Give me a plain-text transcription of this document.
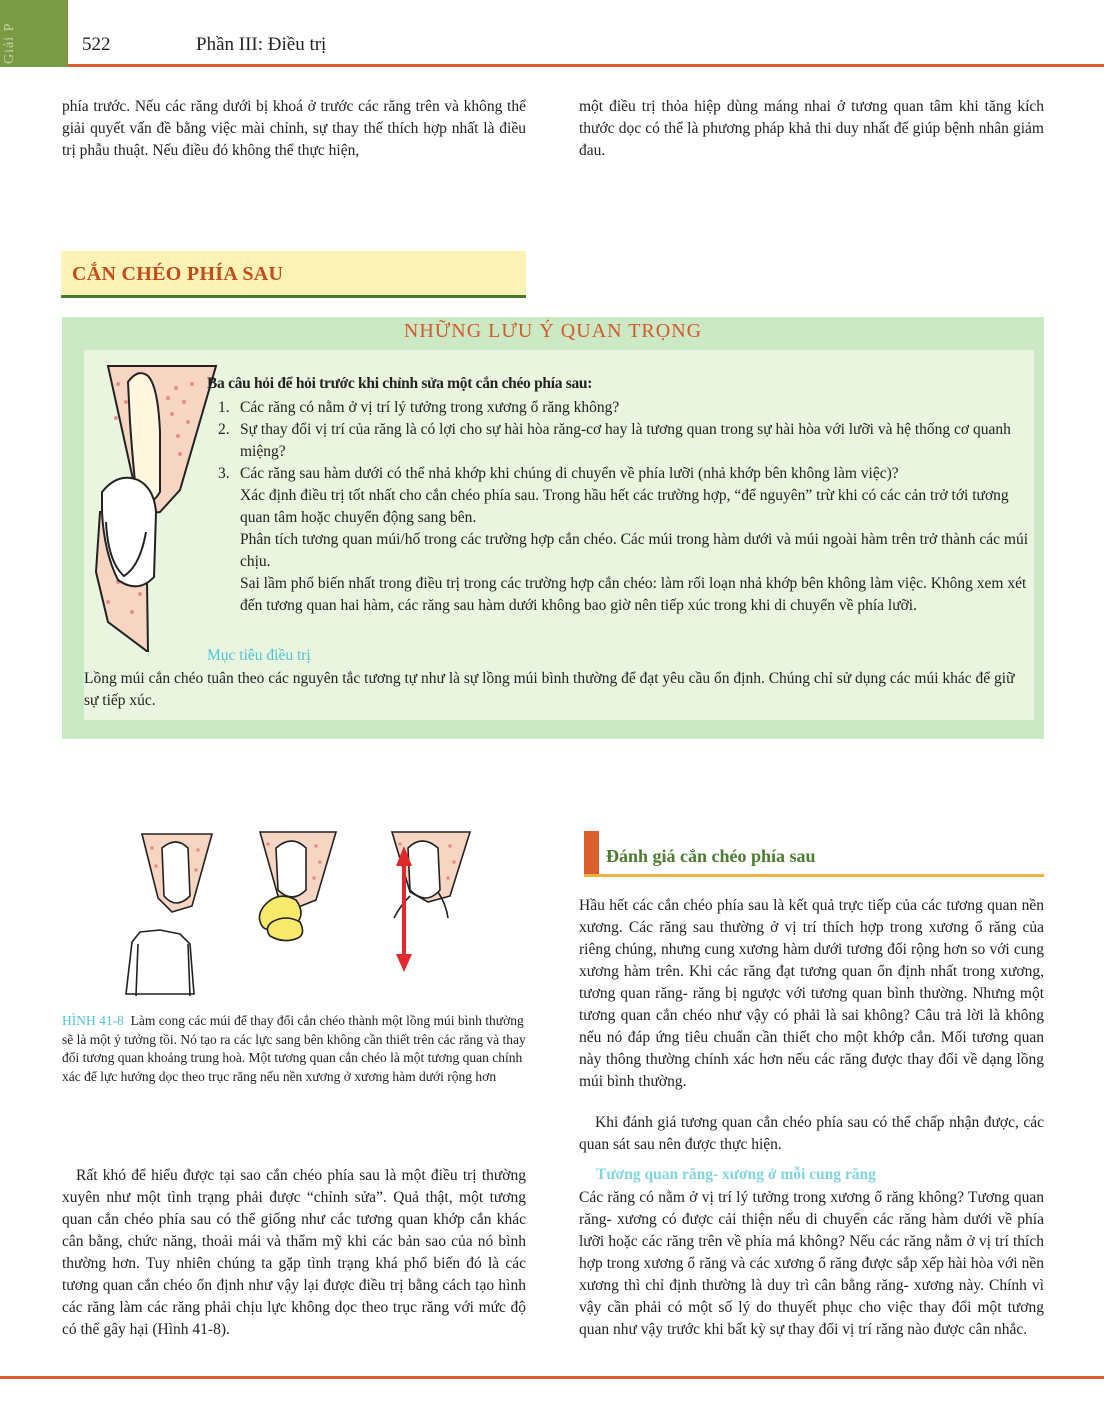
Giải P	522	Phần III: Điều trị

phía trước. Nếu các răng dưới bị khoá ở trước các răng trên và không thể giải quyết vấn đề bằng việc mài chỉnh, sự thay thế thích hợp nhất là điều trị phẫu thuật. Nếu điều đó không thể thực hiện,

một điều trị thỏa hiệp dùng máng nhai ở tương quan tâm khi tăng kích thước dọc có thể là phương pháp khả thi duy nhất để giúp bệnh nhân giảm đau.

CẮN CHÉO PHÍA SAU
NHỮNG LƯU Ý QUAN TRỌNG
Ba câu hỏi để hỏi trước khi chỉnh sửa một cắn chéo phía sau:
1. Các răng có nằm ở vị trí lý tưởng trong xương ổ răng không?
2. Sự thay đổi vị trí của răng là có lợi cho sự hài hòa răng-cơ hay là tương quan trong sự hài hòa với lưỡi và hệ thống cơ quanh miệng?
3. Các răng sau hàm dưới có thể nhả khớp khi chúng di chuyển về phía lưỡi (nhả khớp bên không làm việc)?
Xác định điều trị tốt nhất cho cắn chéo phía sau. Trong hầu hết các trường hợp, “để nguyên” trừ khi có các cản trở tới tương quan tâm hoặc chuyển động sang bên.
Phân tích tương quan múi/hố trong các trường hợp cắn chéo. Các múi trong hàm dưới và múi ngoài hàm trên trở thành các múi chịu.
Sai lầm phổ biến nhất trong điều trị trong các trường hợp cắn chéo: làm rối loạn nhả khớp bên không làm việc. Không xem xét đến tương quan hai hàm, các răng sau hàm dưới không bao giờ nên tiếp xúc trong khi di chuyển về phía lưỡi.
Mục tiêu điều trị
Lồng múi cắn chéo tuân theo các nguyên tắc tương tự như là sự lồng múi bình thường để đạt yêu cầu ổn định. Chúng chỉ sử dụng các múi khác để giữ sự tiếp xúc.
HÌNH 41-8 Làm cong các múi để thay đổi cắn chéo thành một lồng múi bình thường sẽ là một ý tưởng tồi. Nó tạo ra các lực sang bên không cần thiết trên các răng và thay đổi tương quan khoảng trung hoà. Một tương quan cắn chéo là một tương quan chính xác để lực hướng dọc theo trục răng nếu nền xương ở xương hàm dưới rộng hơn

Rất khó để hiểu được tại sao cắn chéo phía sau là một điều trị thường xuyên như một tình trạng phải được “chỉnh sửa”. Quả thật, một tương quan cắn chéo phía sau có thể giống như các tương quan khớp cắn khác cân bằng, chức năng, thoải mái và thẩm mỹ khi các bản sao của nó bình thường hơn. Tuy nhiên chúng ta gặp tình trạng khá phổ biến đó là các tương quan cắn chéo ổn định như vậy lại được điều trị bằng cách tạo hình các răng làm các răng phải chịu lực không dọc theo trục răng với mức độ có thể gây hại (Hình 41-8).

Đánh giá cắn chéo phía sau

Hầu hết các cắn chéo phía sau là kết quả trực tiếp của các tương quan nền xương. Các răng sau thường ở vị trí thích hợp trong xương ổ răng của riêng chúng, nhưng cung xương hàm dưới tương đối rộng hơn so với cung xương hàm trên. Khi các răng đạt tương quan ổn định nhất trong xương, tương quan răng- răng bị ngược với tương quan bình thường. Nhưng một tương quan cắn chéo như vậy có phải là sai không? Câu trả lời là không nếu nó đáp ứng tiêu chuẩn cần thiết cho một khớp cắn. Mối tương quan này thông thường chính xác hơn nếu các răng được thay đổi về dạng lồng múi bình thường.

Khi đánh giá tương quan cắn chéo phía sau có thể chấp nhận được, các quan sát sau nên được thực hiện.

Tương quan răng- xương ở mỗi cung răng

Các răng có nằm ở vị trí lý tưởng trong xương ổ răng không? Tương quan răng- xương có được cải thiện nếu di chuyển các răng hàm dưới về phía lưỡi hoặc các răng trên về phía má không? Nếu các răng nằm ở vị trí thích hợp trong xương ổ răng và các xương ổ răng được sắp xếp hài hòa với nền xương thì chỉ định thường là duy trì cân bằng răng- xương này. Chính vì vậy cần phải có một số lý do thuyết phục cho việc thay đổi một tương quan như vậy trước khi bất kỳ sự thay đổi vị trí răng nào được cân nhắc.
